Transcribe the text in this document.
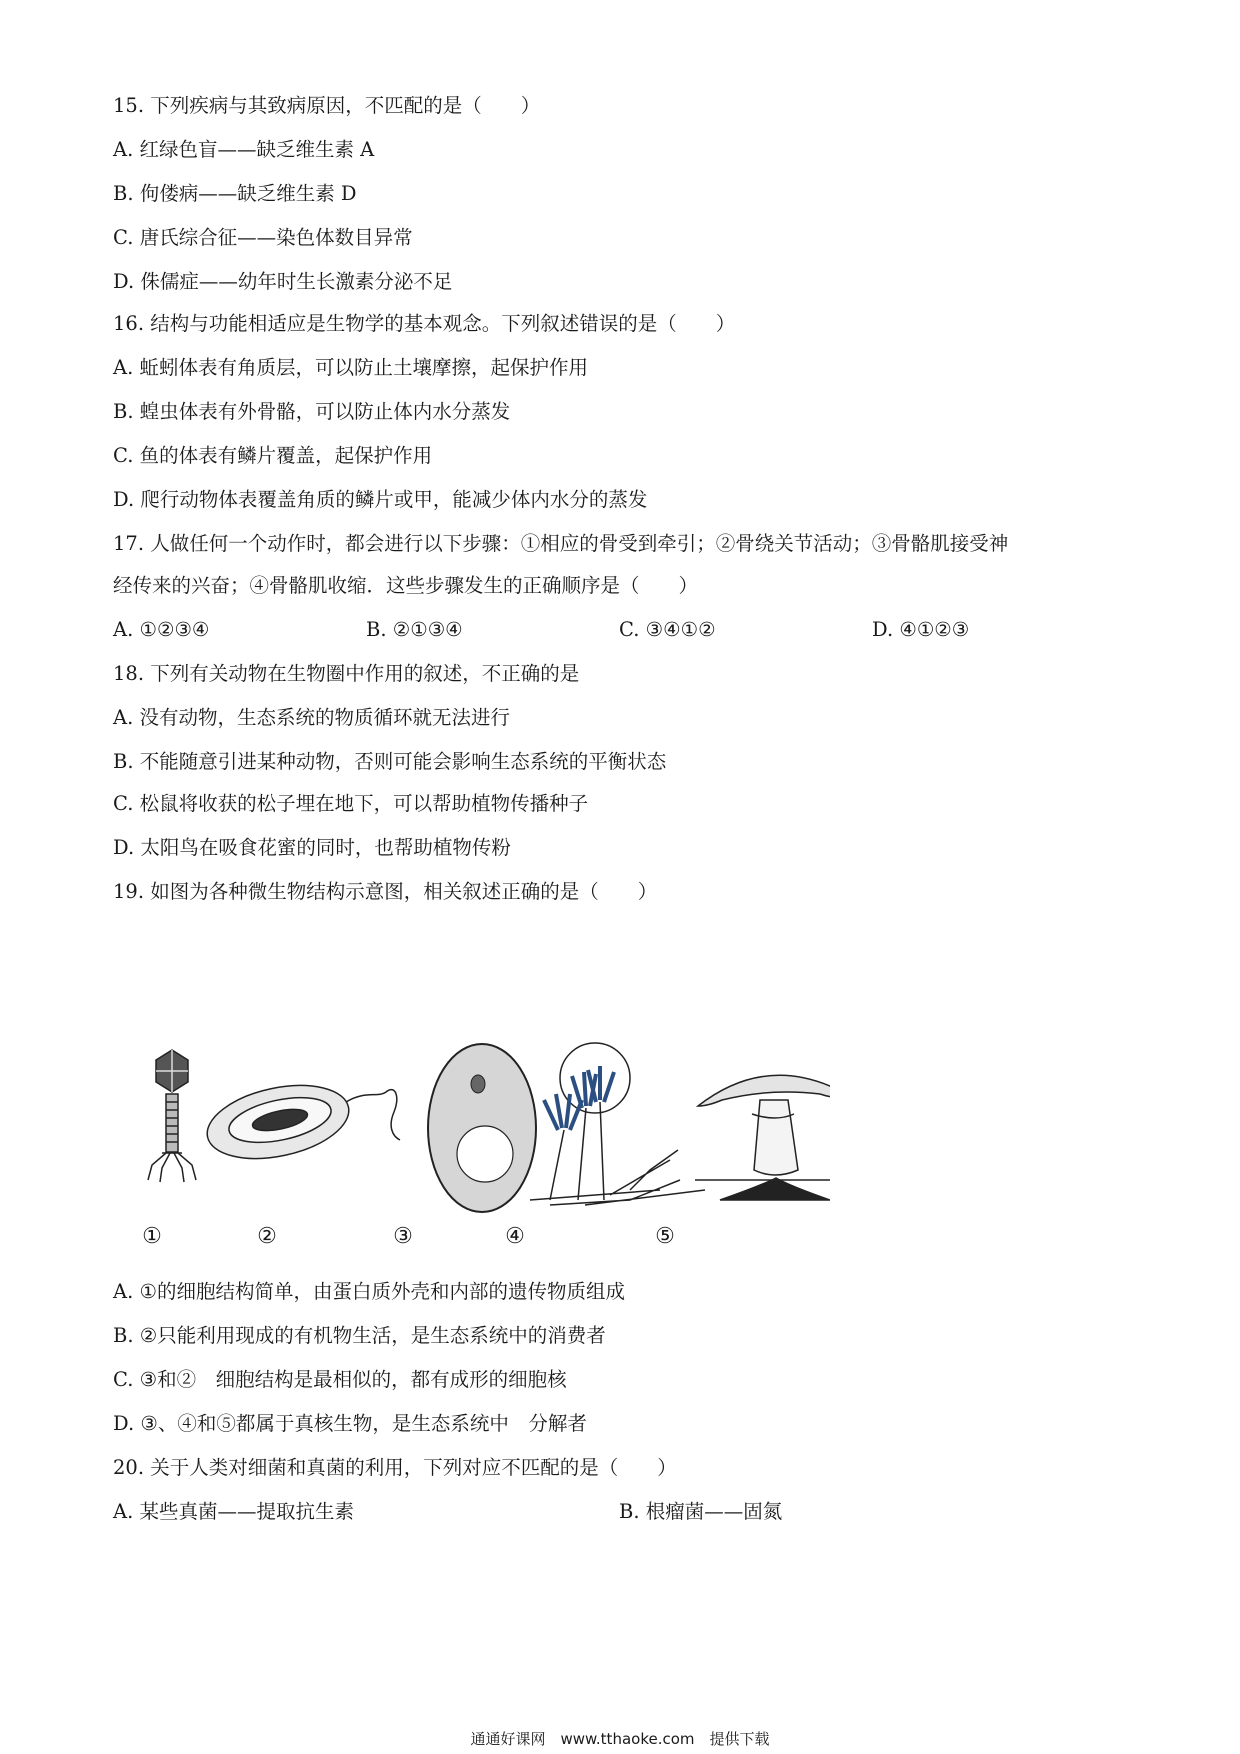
15. 下列疾病与其致病原因，不匹配的是（　　）
A. 红绿色盲——缺乏维生素 A
B. 佝偻病——缺乏维生素 D
C. 唐氏综合征——染色体数目异常
D. 侏儒症——幼年时生长激素分泌不足
16. 结构与功能相适应是生物学的基本观念。下列叙述错误的是（　　）
A. 蚯蚓体表有角质层，可以防止土壤摩擦，起保护作用
B. 蝗虫体表有外骨骼，可以防止体内水分蒸发
C. 鱼的体表有鳞片覆盖，起保护作用
D. 爬行动物体表覆盖角质的鳞片或甲，能减少体内水分的蒸发
17. 人做任何一个动作时，都会进行以下步骤：①相应的骨受到牵引；②骨绕关节活动；③骨骼肌接受神
经传来的兴奋；④骨骼肌收缩．这些步骤发生的正确顺序是（　　）
A. ①②③④	B. ②①③④	C. ③④①②	D. ④①②③
18. 下列有关动物在生物圈中作用的叙述，不正确的是
A. 没有动物，生态系统的物质循环就无法进行
B. 不能随意引进某种动物，否则可能会影响生态系统的平衡状态
C. 松鼠将收获的松子埋在地下，可以帮助植物传播种子
D. 太阳鸟在吸食花蜜的同时，也帮助植物传粉
19. 如图为各种微生物结构示意图，相关叙述正确的是（　　）
①	②	③	④	⑤
A. ①的细胞结构简单，由蛋白质外壳和内部的遗传物质组成
B. ②只能利用现成的有机物生活，是生态系统中的消费者
C. ③和②　细胞结构是最相似的，都有成形的细胞核
D. ③、④和⑤都属于真核生物，是生态系统中　分解者
20. 关于人类对细菌和真菌的利用，下列对应不匹配的是（　　）
A. 某些真菌——提取抗生素	B. 根瘤菌——固氮
通通好课网　www.tthaoke.com　提供下载
